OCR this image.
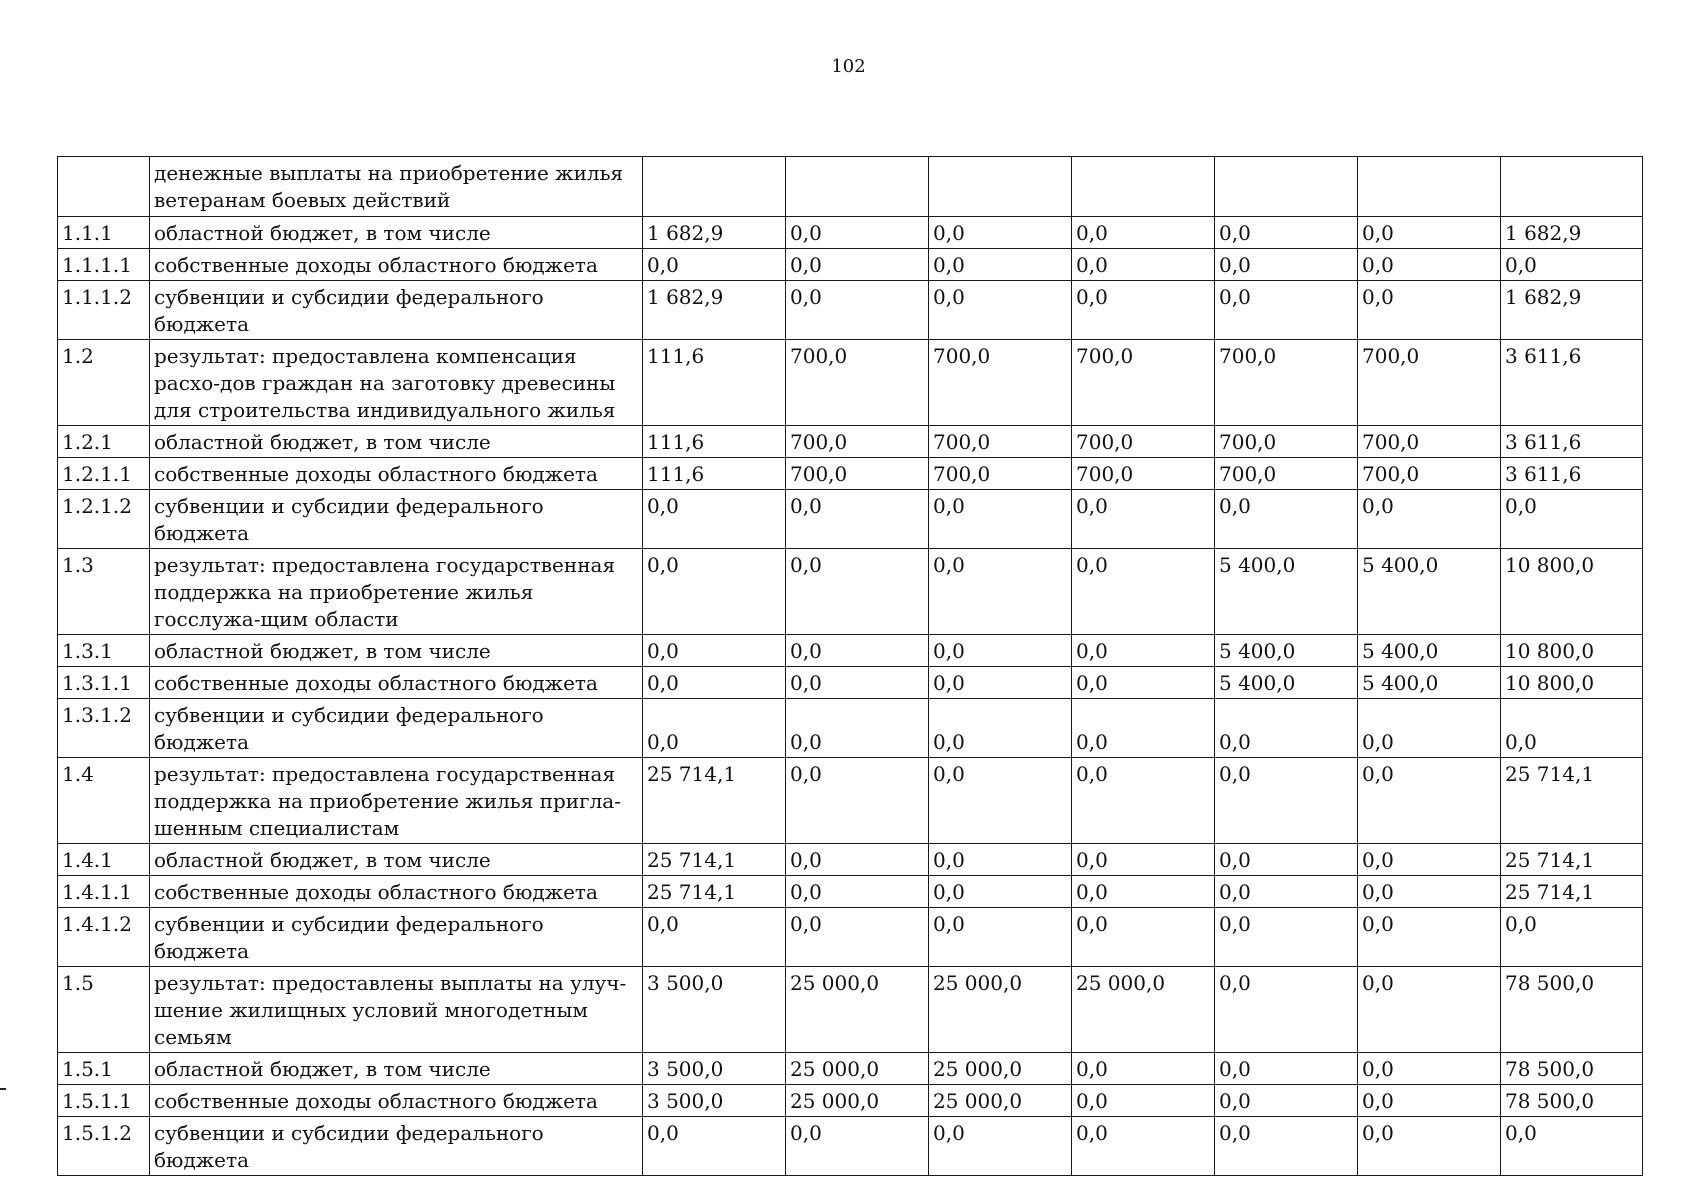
102
	денежные выплаты на приобретение жилья ветеранам боевых действий							
1.1.1	областной бюджет, в том числе	1 682,9	0,0	0,0	0,0	0,0	0,0	1 682,9
1.1.1.1	собственные доходы областного бюджета	0,0	0,0	0,0	0,0	0,0	0,0	0,0
1.1.1.2	субвенции и субсидии федерального бюджета	1 682,9	0,0	0,0	0,0	0,0	0,0	1 682,9
1.2	результат: предоставлена компенсация расхо-дов граждан на заготовку древесины для строительства индивидуального жилья	111,6	700,0	700,0	700,0	700,0	700,0	3 611,6
1.2.1	областной бюджет, в том числе	111,6	700,0	700,0	700,0	700,0	700,0	3 611,6
1.2.1.1	собственные доходы областного бюджета	111,6	700,0	700,0	700,0	700,0	700,0	3 611,6
1.2.1.2	субвенции и субсидии федерального бюджета	0,0	0,0	0,0	0,0	0,0	0,0	0,0
1.3	результат: предоставлена государственная поддержка на приобретение жилья госслужа-щим области	0,0	0,0	0,0	0,0	5 400,0	5 400,0	10 800,0
1.3.1	областной бюджет, в том числе	0,0	0,0	0,0	0,0	5 400,0	5 400,0	10 800,0
1.3.1.1	собственные доходы областного бюджета	0,0	0,0	0,0	0,0	5 400,0	5 400,0	10 800,0
1.3.1.2	субвенции и субсидии федерального бюджета	0,0	0,0	0,0	0,0	0,0	0,0	0,0
1.4	результат: предоставлена государственная поддержка на приобретение жилья пригла-шенным специалистам	25 714,1	0,0	0,0	0,0	0,0	0,0	25 714,1
1.4.1	областной бюджет, в том числе	25 714,1	0,0	0,0	0,0	0,0	0,0	25 714,1
1.4.1.1	собственные доходы областного бюджета	25 714,1	0,0	0,0	0,0	0,0	0,0	25 714,1
1.4.1.2	субвенции и субсидии федерального бюджета	0,0	0,0	0,0	0,0	0,0	0,0	0,0
1.5	результат: предоставлены выплаты на улуч-шение жилищных условий многодетным семьям	3 500,0	25 000,0	25 000,0	25 000,0	0,0	0,0	78 500,0
1.5.1	областной бюджет, в том числе	3 500,0	25 000,0	25 000,0	0,0	0,0	0,0	78 500,0
1.5.1.1	собственные доходы областного бюджета	3 500,0	25 000,0	25 000,0	0,0	0,0	0,0	78 500,0
1.5.1.2	субвенции и субсидии федерального бюджета	0,0	0,0	0,0	0,0	0,0	0,0	0,0
